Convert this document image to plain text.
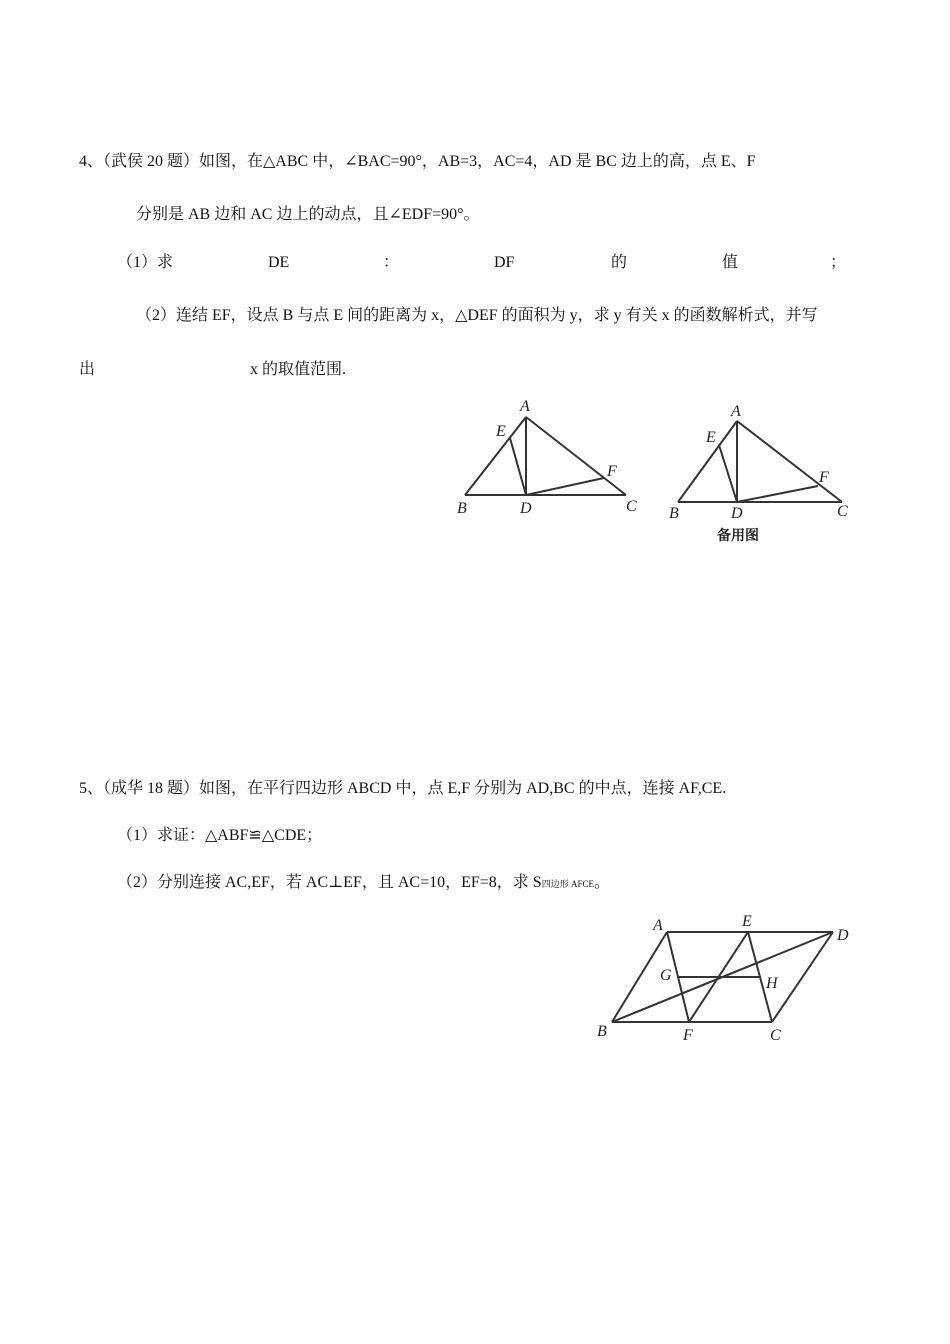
4、（武侯 20 题）如图，在△ABC 中，∠BAC=90°，AB=3，AC=4，AD 是 BC 边上的高，点 E、F
分别是 AB 边和 AC 边上的动点，且∠EDF=90°。
（1）求	DE	：	DF	的	值	；
（2）连结 EF，设点 B 与点 E 间的距离为 x，△DEF 的面积为 y，求 y 有关 x 的函数解析式，并写
出	x 的取值范围.
A
E
F
B	D	C
A
E
F
B	D	C
备用图
5、（成华 18 题）如图，在平行四边形 ABCD 中，点 E,F 分别为 AD,BC 的中点，连接 AF,CE.
（1）求证：△ABF≌△CDE；
（2）分别连接 AC,EF，若 AC⊥EF，且 AC=10，EF=8，求 S四边形 AFCE。
A	E
D
G	H
B	F	C
